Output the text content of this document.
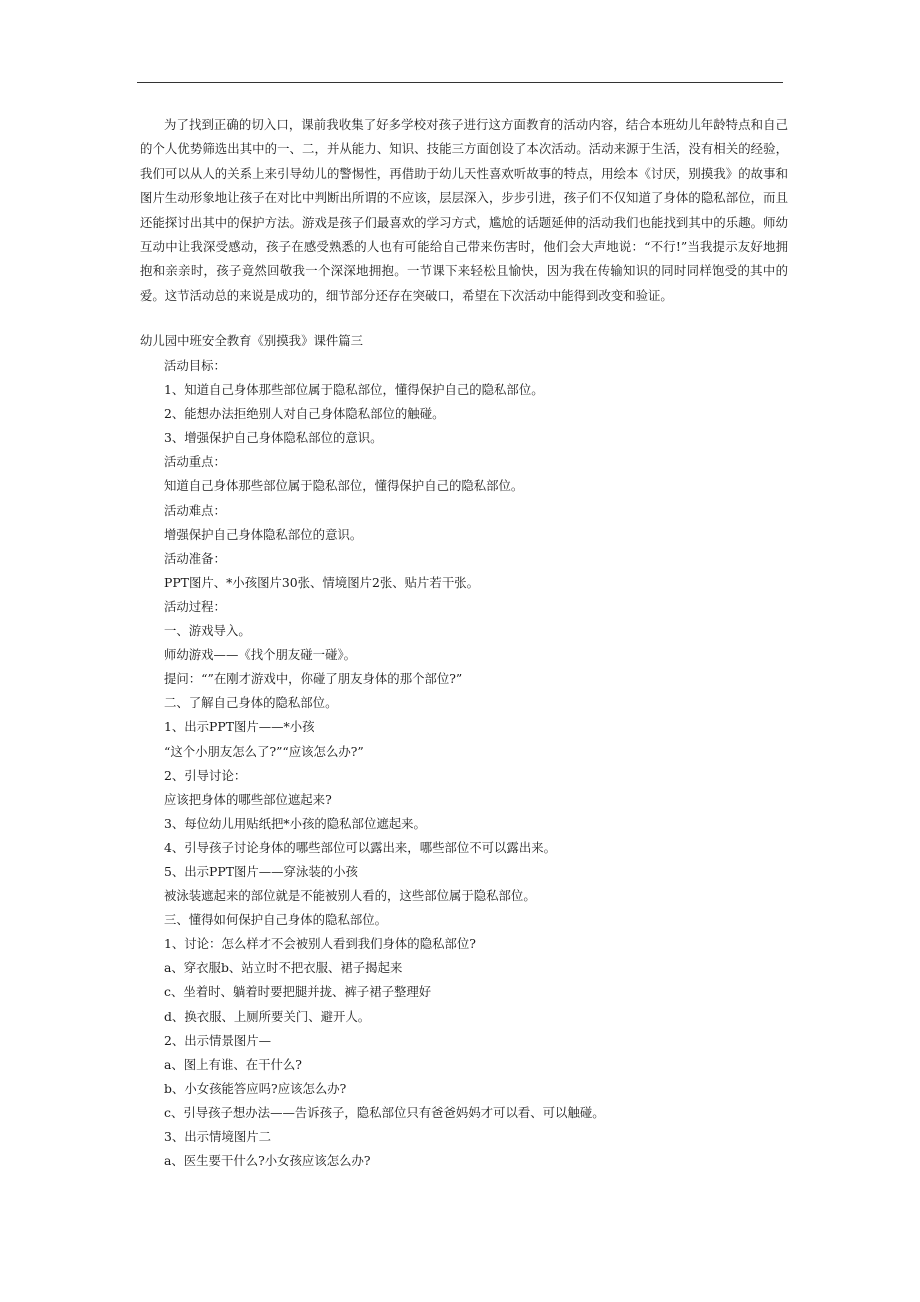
为了找到正确的切入口，课前我收集了好多学校对孩子进行这方面教育的活动内容，结合本班幼儿年龄特点和自己的个人优势筛选出其中的一、二，并从能力、知识、技能三方面创设了本次活动。活动来源于生活，没有相关的经验，我们可以从人的关系上来引导幼儿的警惕性，再借助于幼儿天性喜欢听故事的特点，用绘本《讨厌，别摸我》的故事和图片生动形象地让孩子在对比中判断出所谓的不应该，层层深入，步步引进，孩子们不仅知道了身体的隐私部位，而且还能探讨出其中的保护方法。游戏是孩子们最喜欢的学习方式，尴尬的话题延伸的活动我们也能找到其中的乐趣。师幼互动中让我深受感动，孩子在感受熟悉的人也有可能给自己带来伤害时，他们会大声地说：“不行!”当我提示友好地拥抱和亲亲时，孩子竟然回敬我一个深深地拥抱。一节课下来轻松且愉快，因为我在传输知识的同时同样饱受的其中的爱。这节活动总的来说是成功的，细节部分还存在突破口，希望在下次活动中能得到改变和验证。

幼儿园中班安全教育《别摸我》课件篇三
活动目标：
1、知道自己身体那些部位属于隐私部位，懂得保护自己的隐私部位。
2、能想办法拒绝别人对自己身体隐私部位的触碰。
3、增强保护自己身体隐私部位的意识。
活动重点：
知道自己身体那些部位属于隐私部位，懂得保护自己的隐私部位。
活动难点：
增强保护自己身体隐私部位的意识。
活动准备：
PPT图片、*小孩图片30张、情境图片2张、贴片若干张。
活动过程：
一、游戏导入。
师幼游戏——《找个朋友碰一碰》。
提问：“”在刚才游戏中，你碰了朋友身体的那个部位?”
二、了解自己身体的隐私部位。
1、出示PPT图片——*小孩
“这个小朋友怎么了?”“应该怎么办?”
2、引导讨论：
应该把身体的哪些部位遮起来?
3、每位幼儿用贴纸把*小孩的隐私部位遮起来。
4、引导孩子讨论身体的哪些部位可以露出来，哪些部位不可以露出来。
5、出示PPT图片——穿泳装的小孩
被泳装遮起来的部位就是不能被别人看的，这些部位属于隐私部位。
三、懂得如何保护自己身体的隐私部位。
1、讨论：怎么样才不会被别人看到我们身体的隐私部位?
a、穿衣服b、站立时不把衣服、裙子揭起来
c、坐着时、躺着时要把腿并拢、裤子裙子整理好
d、换衣服、上厕所要关门、避开人。
2、出示情景图片—
a、图上有谁、在干什么?
b、小女孩能答应吗?应该怎么办?
c、引导孩子想办法——告诉孩子，隐私部位只有爸爸妈妈才可以看、可以触碰。
3、出示情境图片二
a、医生要干什么?小女孩应该怎么办?
